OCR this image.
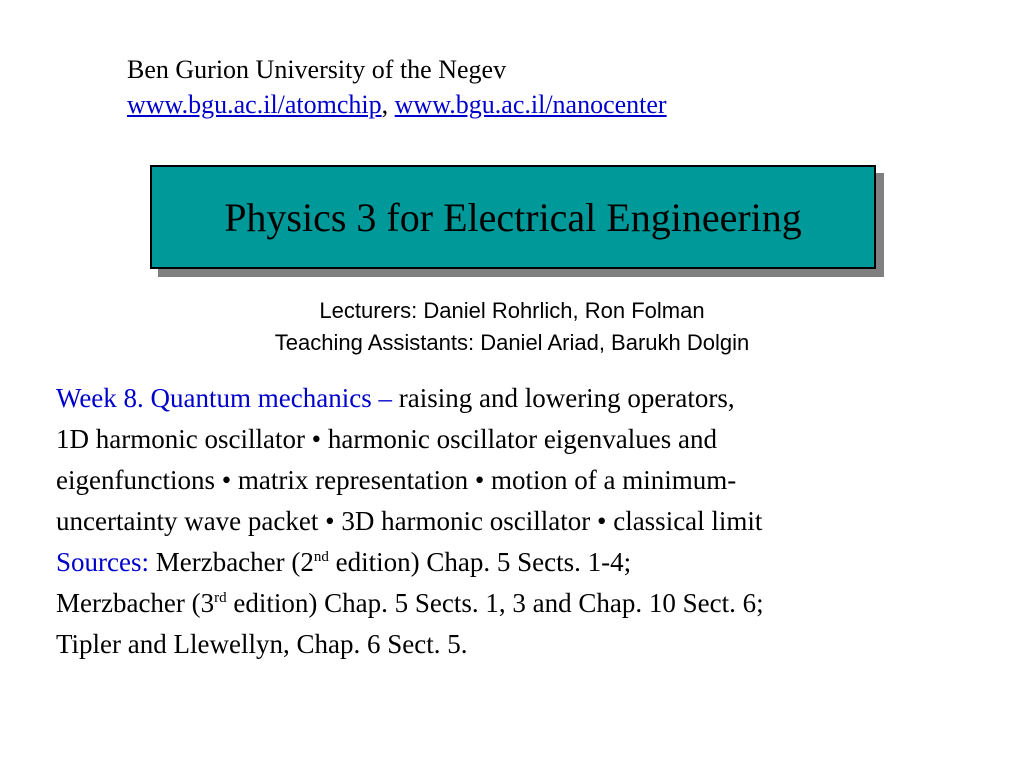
Ben Gurion University of the Negev
www.bgu.ac.il/atomchip, www.bgu.ac.il/nanocenter
Physics 3 for Electrical Engineering
Lecturers: Daniel Rohrlich, Ron Folman
Teaching Assistants: Daniel Ariad, Barukh Dolgin
Week 8. Quantum mechanics – raising and lowering operators,
1D harmonic oscillator • harmonic oscillator eigenvalues and
eigenfunctions • matrix representation • motion of a minimum-
uncertainty wave packet • 3D harmonic oscillator • classical limit
Sources: Merzbacher (2nd edition) Chap. 5 Sects. 1-4;
Merzbacher (3rd edition) Chap. 5 Sects. 1, 3 and Chap. 10 Sect. 6;
Tipler and Llewellyn, Chap. 6 Sect. 5.
